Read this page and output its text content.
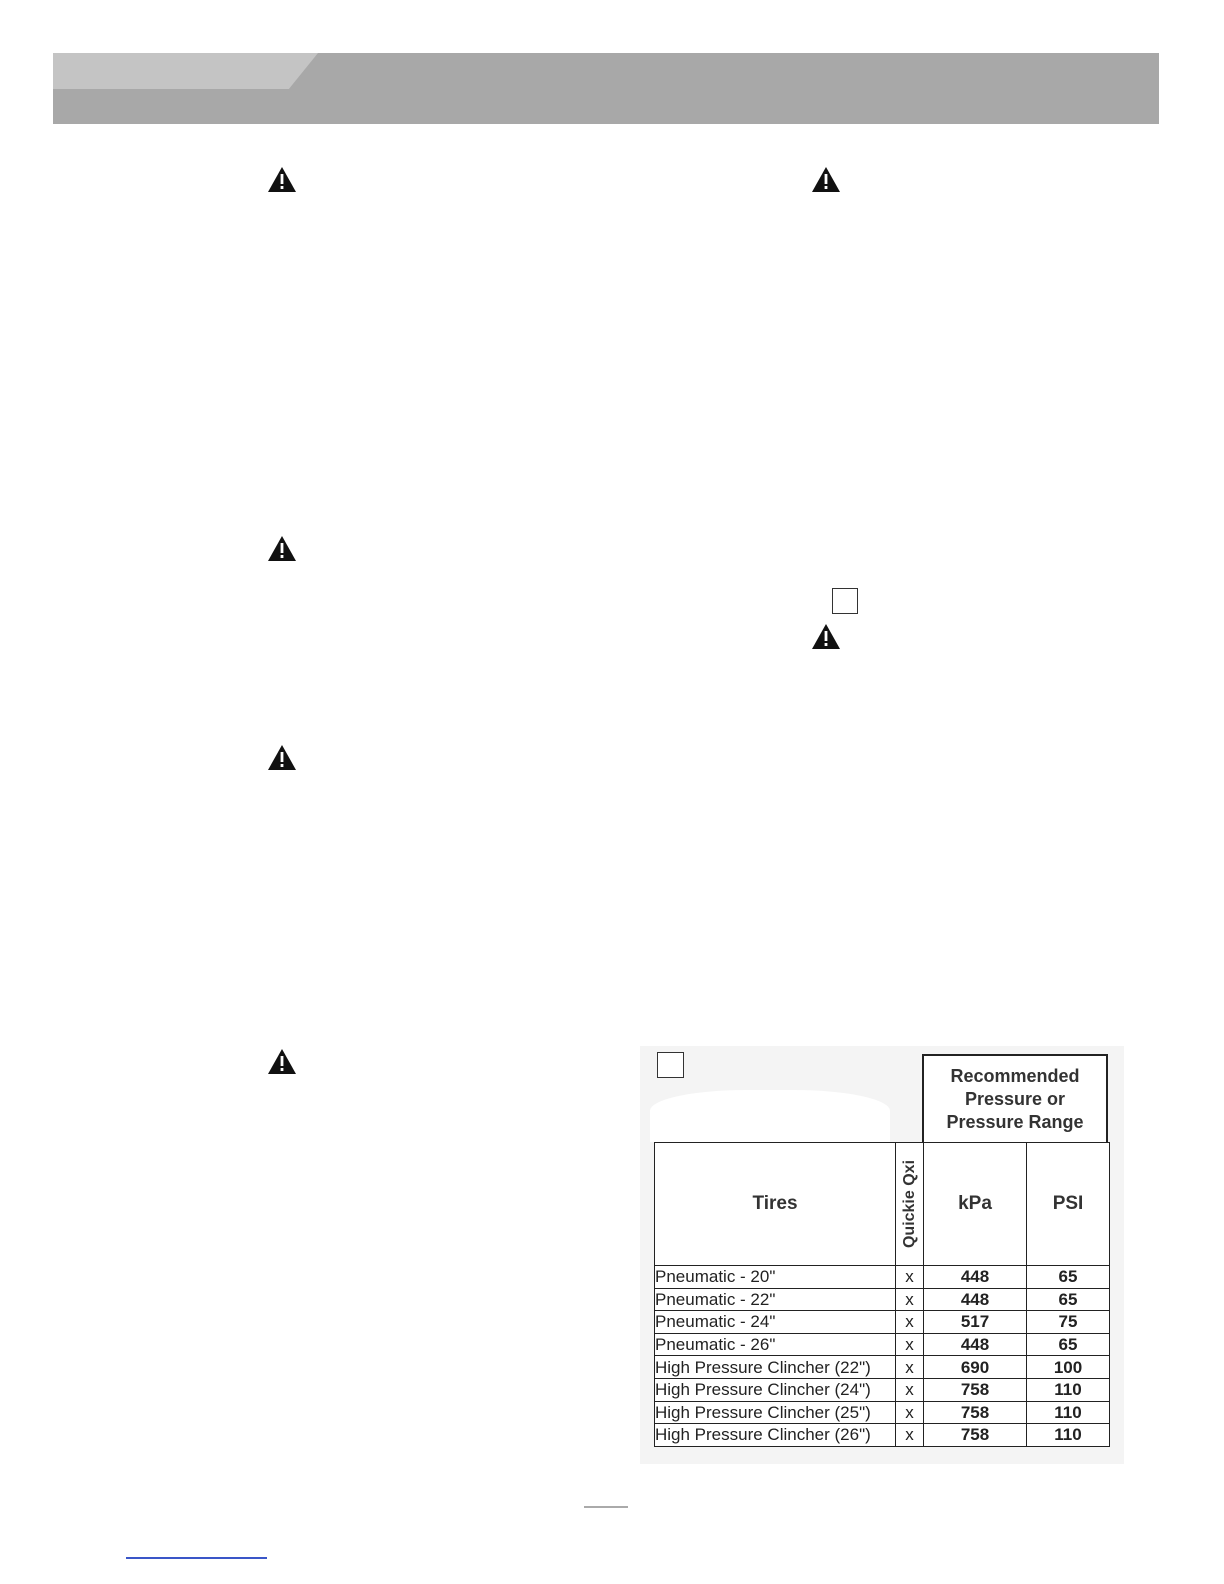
Recommended Pressure or Pressure Range
Tires	Quickie Qxi	kPa	PSI
Pneumatic - 20"	x	448	65
Pneumatic - 22"	x	448	65
Pneumatic - 24"	x	517	75
Pneumatic - 26"	x	448	65
High Pressure Clincher (22")	x	690	100
High Pressure Clincher (24")	x	758	110
High Pressure Clincher (25")	x	758	110
High Pressure Clincher (26")	x	758	110
